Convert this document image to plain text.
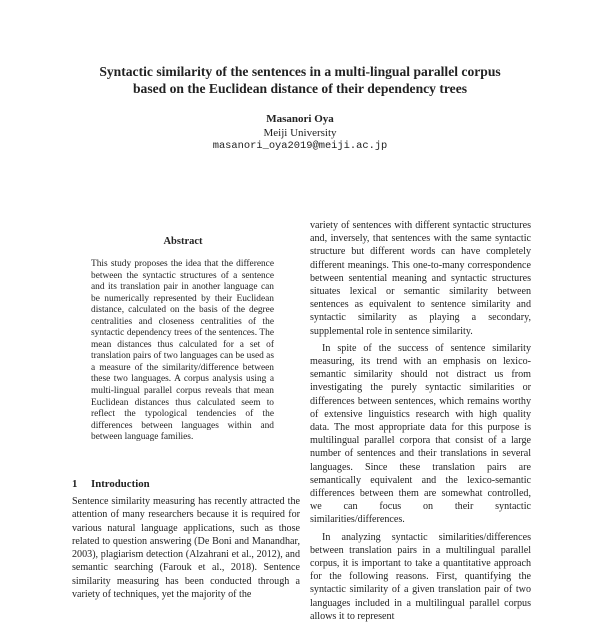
Syntactic similarity of the sentences in a multi-lingual parallel corpus
based on the Euclidean distance of their dependency trees
Masanori Oya
Meiji University
masanori_oya2019@meiji.ac.jp
Abstract
This study proposes the idea that the difference between the syntactic structures of a sentence and its translation pair in another language can be numerically represented by their Euclidean distance, calculated on the basis of the degree centralities and closeness centralities of the syntactic dependency trees of the sentences. The mean distances thus calculated for a set of translation pairs of two languages can be used as a measure of the similarity/difference between these two languages. A corpus analysis using a multi-lingual parallel corpus reveals that mean Euclidean distances thus calculated seem to reflect the typological tendencies of the differences between languages within and between language families.
1 Introduction
Sentence similarity measuring has recently attracted the attention of many researchers because it is required for various natural language applications, such as those related to question answering (De Boni and Manandhar, 2003), plagiarism detection (Alzahrani et al., 2012), and semantic searching (Farouk et al., 2018). Sentence similarity measuring has been conducted through a variety of techniques, yet the majority of the

variety of sentences with different syntactic structures and, inversely, that sentences with the same syntactic structure but different words can have completely different meanings. This one-to-many correspondence between sentential meaning and syntactic structures situates lexical or semantic similarity between sentences as equivalent to sentence similarity and syntactic similarity as playing a secondary, supplemental role in sentence similarity.

In spite of the success of sentence similarity measuring, its trend with an emphasis on lexico-semantic similarity should not distract us from investigating the purely syntactic similarities or differences between sentences, which remains worthy of extensive linguistics research with high quality data. The most appropriate data for this purpose is multilingual parallel corpora that consist of a large number of sentences and their translations in several languages. Since these translation pairs are semantically equivalent and the lexico-semantic differences between them are somewhat controlled, we can focus on their syntactic similarities/differences.

In analyzing syntactic similarities/differences between translation pairs in a multilingual parallel corpus, it is important to take a quantitative approach for the following reasons. First, quantifying the syntactic similarity of a given translation pair of two languages included in a multilingual parallel corpus allows it to represent
